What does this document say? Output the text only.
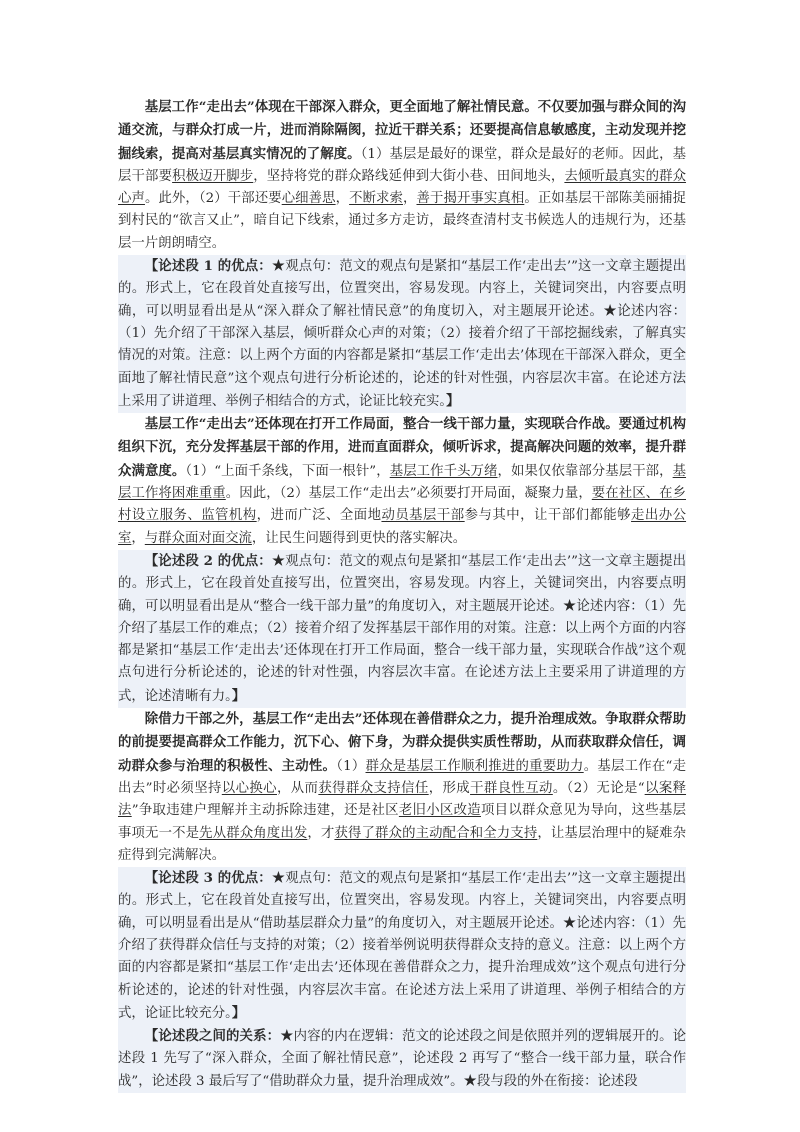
基层工作“走出去”体现在干部深入群众，更全面地了解社情民意。不仅要加强与群众间的沟通交流，与群众打成一片，进而消除隔阂，拉近干群关系；还要提高信息敏感度，主动发现并挖掘线索，提高对基层真实情况的了解度。（1）基层是最好的课堂，群众是最好的老师。因此，基层干部要积极迈开脚步，坚持将党的群众路线延伸到大街小巷、田间地头，去倾听最真实的群众心声。此外，（2）干部还要心细善思，不断求索，善于揭开事实真相。正如基层干部陈美丽捕捉到村民的“欲言又止”，暗自记下线索，通过多方走访，最终查清村支书候选人的违规行为，还基层一片朗朗晴空。

【论述段 1 的优点：★观点句：范文的观点句是紧扣“基层工作‘走出去’”这一文章主题提出的。形式上，它在段首处直接写出，位置突出，容易发现。内容上，关键词突出，内容要点明确，可以明显看出是从“深入群众了解社情民意”的角度切入，对主题展开论述。★论述内容：（1）先介绍了干部深入基层，倾听群众心声的对策；（2）接着介绍了干部挖掘线索，了解真实情况的对策。注意：以上两个方面的内容都是紧扣“基层工作‘走出去’体现在干部深入群众，更全面地了解社情民意”这个观点句进行分析论述的，论述的针对性强，内容层次丰富。在论述方法上采用了讲道理、举例子相结合的方式，论证比较充实。】

基层工作“走出去”还体现在打开工作局面，整合一线干部力量，实现联合作战。要通过机构组织下沉，充分发挥基层干部的作用，进而直面群众，倾听诉求，提高解决问题的效率，提升群众满意度。（1）“上面千条线，下面一根针”，基层工作千头万绪，如果仅依靠部分基层干部，基层工作将困难重重。因此，（2）基层工作“走出去”必须要打开局面，凝聚力量，要在社区、在乡村设立服务、监管机构，进而广泛、全面地动员基层干部参与其中，让干部们都能够走出办公室，与群众面对面交流，让民生问题得到更快的落实解决。

【论述段 2 的优点：★观点句：范文的观点句是紧扣“基层工作‘走出去’”这一文章主题提出的。形式上，它在段首处直接写出，位置突出，容易发现。内容上，关键词突出，内容要点明确，可以明显看出是从“整合一线干部力量”的角度切入，对主题展开论述。★论述内容：（1）先介绍了基层工作的难点；（2）接着介绍了发挥基层干部作用的对策。注意：以上两个方面的内容都是紧扣“基层工作‘走出去’还体现在打开工作局面，整合一线干部力量，实现联合作战”这个观点句进行分析论述的，论述的针对性强，内容层次丰富。在论述方法上主要采用了讲道理的方式，论述清晰有力。】

除借力干部之外，基层工作“走出去”还体现在善借群众之力，提升治理成效。争取群众帮助的前提要提高群众工作能力，沉下心、俯下身，为群众提供实质性帮助，从而获取群众信任，调动群众参与治理的积极性、主动性。（1）群众是基层工作顺利推进的重要助力。基层工作在“走出去”时必须坚持以心换心，从而获得群众支持信任，形成干群良性互动。（2）无论是“以案释法”争取违建户理解并主动拆除违建，还是社区老旧小区改造项目以群众意见为导向，这些基层事项无一不是先从群众角度出发，才获得了群众的主动配合和全力支持，让基层治理中的疑难杂症得到完满解决。

【论述段 3 的优点：★观点句：范文的观点句是紧扣“基层工作‘走出去’”这一文章主题提出的。形式上，它在段首处直接写出，位置突出，容易发现。内容上，关键词突出，内容要点明确，可以明显看出是从“借助基层群众力量”的角度切入，对主题展开论述。★论述内容：（1）先介绍了获得群众信任与支持的对策；（2）接着举例说明获得群众支持的意义。注意：以上两个方面的内容都是紧扣“基层工作‘走出去’还体现在善借群众之力，提升治理成效”这个观点句进行分析论述的，论述的针对性强，内容层次丰富。在论述方法上采用了讲道理、举例子相结合的方式，论证比较充分。】

【论述段之间的关系：★内容的内在逻辑：范文的论述段之间是依照并列的逻辑展开的。论述段 1 先写了“深入群众，全面了解社情民意”，论述段 2 再写了“整合一线干部力量，联合作战”，论述段 3 最后写了“借助群众力量，提升治理成效”。★段与段的外在衔接：论述段
